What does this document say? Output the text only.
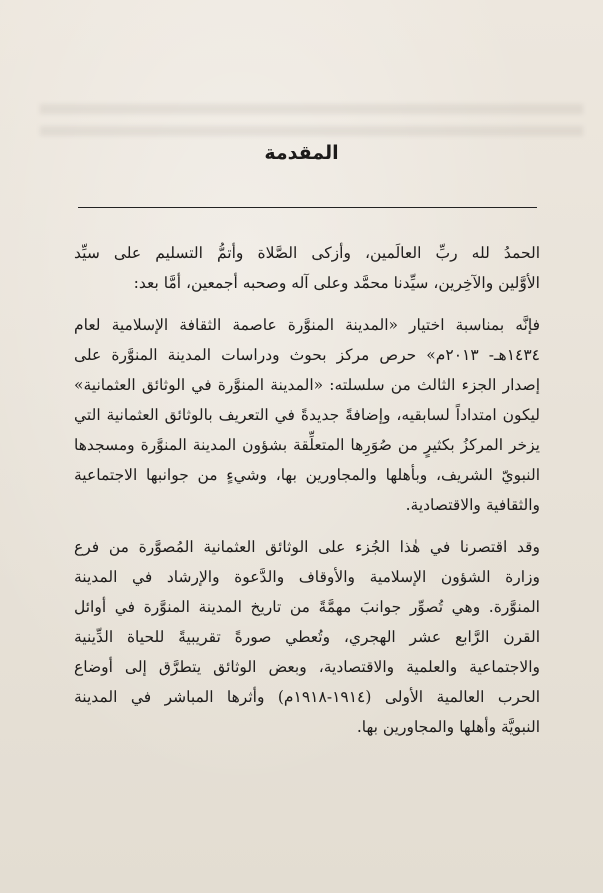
المقدمة

الحمدُ لله ربِّ العالَمين، وأزكى الصَّلاة وأتمُّ التسليم على سيِّد
الأوَّلين والآخِرين، سيِّدنا محمَّد وعلى آله وصحبه أجمعين، أمَّا بعد:

فإنَّه بمناسبة اختيار «المدينة المنوَّرة عاصمة الثقافة الإسلامية لعام
١٤٣٤هـ- ٢٠١٣م» حرص مركز بحوث ودراسات المدينة المنوَّرة على
إصدار الجزء الثالث من سلسلته: «المدينة المنوَّرة في الوثائق العثمانية»
ليكون امتداداً لسابقيه، وإضافةً جديدةً في التعريف بالوثائق العثمانية التي
يزخر المركزُ بكثيرٍ من صُوَرِها المتعلِّقة بشؤون المدينة المنوَّرة ومسجدها
النبويّ الشريف، وبأهلها والمجاورين بها، وشيءٍ من جوانبها الاجتماعية
والثقافية والاقتصادية.

وقد اقتصرنا في هٰذا الجُزء على الوثائق العثمانية المُصوَّرة من فرع
وزارة الشؤون الإسلامية والأوقاف والدَّعوة والإرشاد في المدينة
المنوَّرة. وهي تُصوِّر جوانبَ مهمَّةً من تاريخ المدينة المنوَّرة في أوائل
القرن الرَّابع عشر الهجري، وتُعطي صورةً تقريبيةً للحياة الدِّينية
والاجتماعية والعلمية والاقتصادية، وبعض الوثائق يتطرَّق إلى أوضاع
الحرب العالمية الأولى (١٩١٤-١٩١٨م) وأثرها المباشر في المدينة
النبويَّة وأهلها والمجاورين بها.
